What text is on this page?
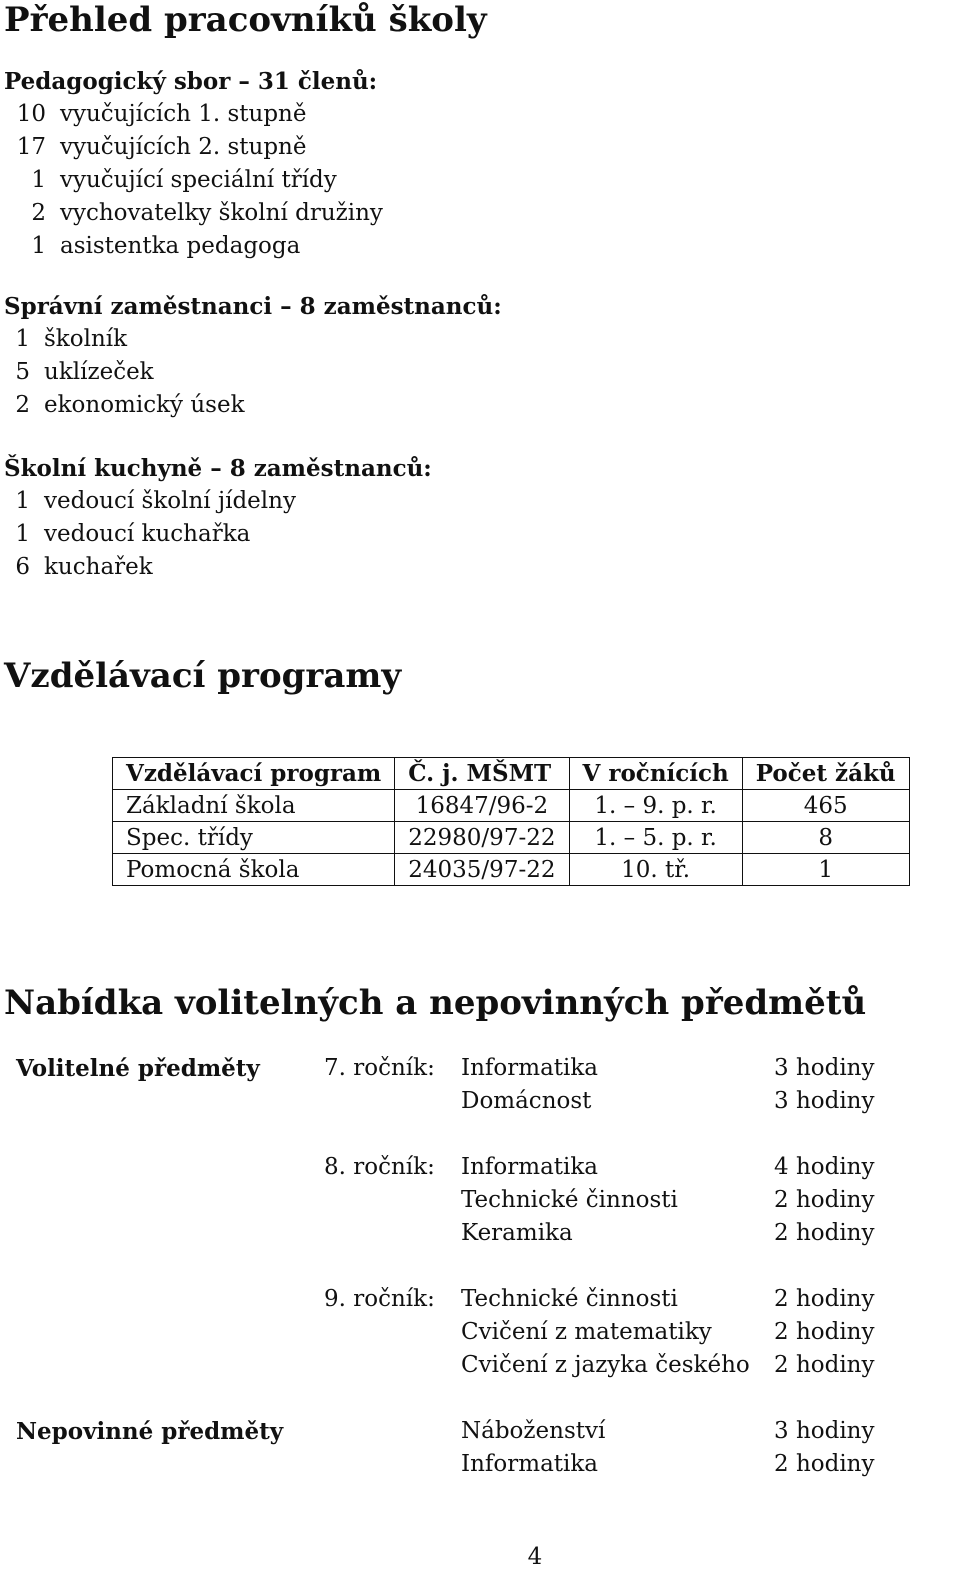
Přehled pracovníků školy
Pedagogický sbor – 31 členů:
10 vyučujících 1. stupně
17 vyučujících 2. stupně
1 vyučující speciální třídy
2 vychovatelky školní družiny
1 asistentka pedagoga
Správní zaměstnanci – 8 zaměstnanců:
1 školník
5 uklízeček
2 ekonomický úsek
Školní kuchyně – 8 zaměstnanců:
1 vedoucí školní jídelny
1 vedoucí kuchařka
6 kuchařek
Vzdělávací programy
Vzdělávací program	Č. j. MŠMT	V ročnících	Počet žáků
Základní škola	16847/96-2	1. – 9. p. r.	465
Spec. třídy	22980/97-22	1. – 5. p. r.	8
Pomocná škola	24035/97-22	10. tř.	1
Nabídka volitelných a nepovinných předmětů
Volitelné předměty	7. ročník: Informatika	3 hodiny
Domácnost	3 hodiny
8. ročník: Informatika	4 hodiny
Technické činnosti	2 hodiny
Keramika	2 hodiny
9. ročník: Technické činnosti	2 hodiny
Cvičení z matematiky	2 hodiny
Cvičení z jazyka českého 2 hodiny
Nepovinné předměty	Náboženství	3 hodiny
Informatika	2 hodiny
4
